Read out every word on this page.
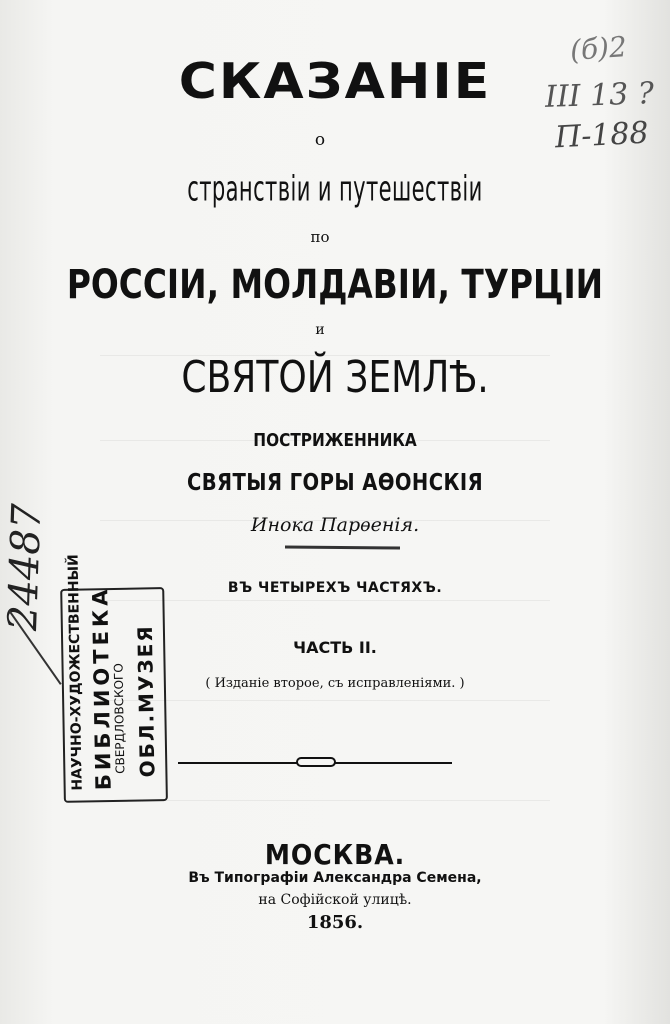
(б)2
III 13 ?
П-188
СКАЗАНІЕ
о
странствіи и путешествіи
по
РОССІИ, МОЛДАВІИ, ТУРЦІИ
и
СВЯТОЙ ЗЕМЛѢ.
ПОСТРИЖЕННИКА
СВЯТЫЯ ГОРЫ АѲОНСКІЯ
Инока Парѳенія.
ВЪ ЧЕТЫРЕХЪ ЧАСТЯХЪ.
ЧАСТЬ II.
( Изданіе второе, съ исправленіями. )
МОСКВА.
Въ Типографіи Александра Семена,
на Софійской улицѣ.
1856.
НАУЧНО-ХУДОЖЕСТВЕННЫЙ БИБЛИОТЕКА
СВЕРДЛОВСКОГО ОБЛ.МУЗЕЯ
24487
